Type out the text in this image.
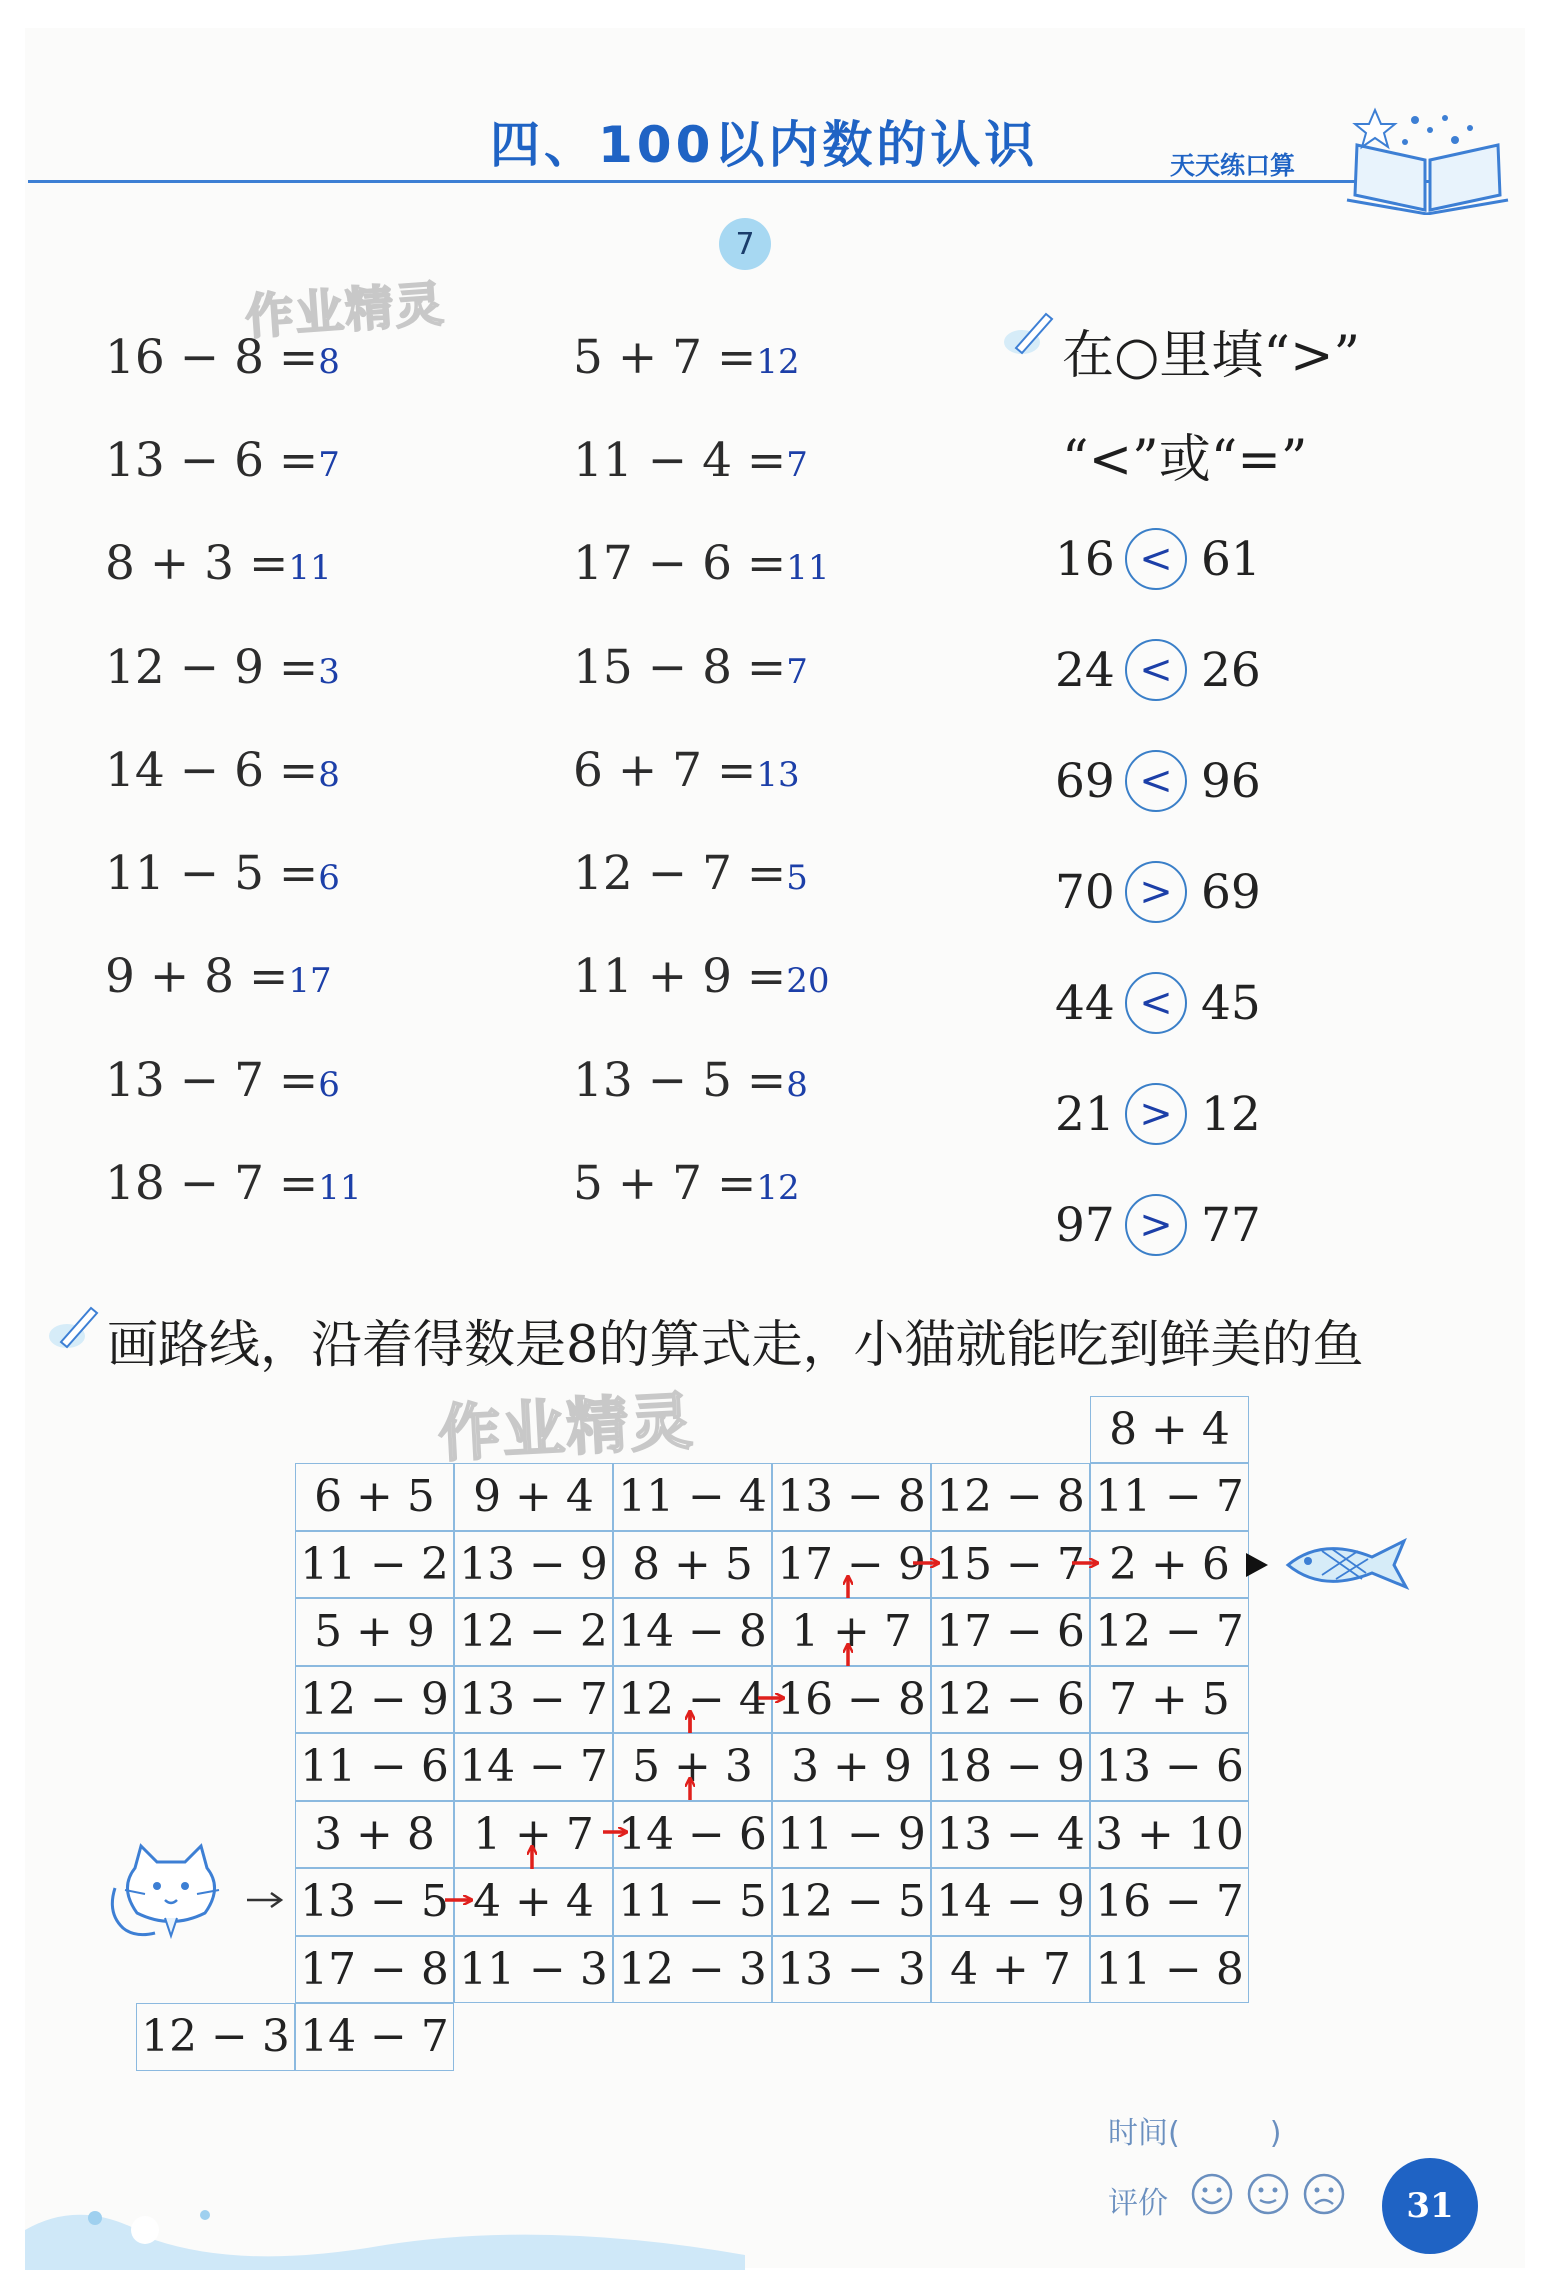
四、100以内数的认识	天天练口算
7
作业精灵
16 − 8 =8
13 − 6 =7
8 + 3 =11
12 − 9 =3
14 − 6 =8
11 − 5 =6
9 + 8 =17
13 − 7 =6
18 − 7 =11
5 + 7 =12
11 − 4 =7
17 − 6 =11
15 − 8 =7
6 + 7 =13
12 − 7 =5
11 + 9 =20
13 − 5 =8
5 + 7 =12
在○里填“>”
“<”或“=”
16 < 61
24 < 26
69 < 96
70 > 69
44 < 45
21 > 12
97 > 77
画路线，沿着得数是8的算式走，小猫就能吃到鲜美的鱼
作业精灵	8 + 4
6 + 5 9 + 4 11 − 4 13 − 8 12 − 8 11 − 7
11 − 2 13 − 9 8 + 5 17 − 9 15 − 7 2 + 6
5 + 9 12 − 2 14 − 8 1 + 7 17 − 6 12 − 7
12 − 9 13 − 7 12 − 4 16 − 8 12 − 6 7 + 5
11 − 6 14 − 7 5 + 3 3 + 9 18 − 9 13 − 6
3 + 8 1 + 7 14 − 6 11 − 9 13 − 4 3 + 10
13 − 5 4 + 4 11 − 5 12 − 5 14 − 9 16 − 7
17 − 8 11 − 3 12 − 3 13 − 3 4 + 7 11 − 8
12 − 3 14 − 7
时间(　　　)
评价	31
